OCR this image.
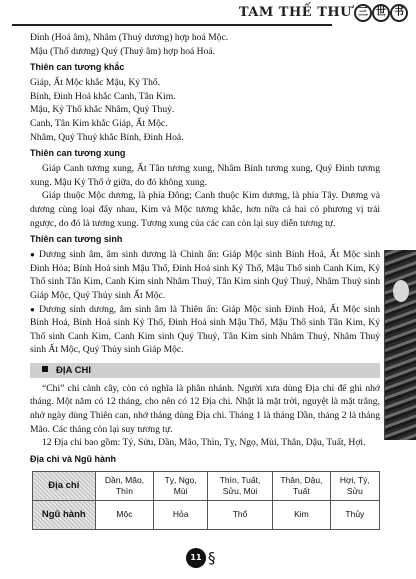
TAM THẾ THƯ 三 世 书

Đinh (Hoả âm), Nhâm (Thuỷ dương) hợp hoá Mộc.

Mậu (Thổ dương) Quý (Thuỷ âm) hợp hoá Hoả.

Thiên can tương khắc

Giáp, Ất Mộc khắc Mậu, Kỷ Thổ.

Bính, Đinh Hoả khắc Canh, Tân Kim.

Mậu, Kỷ Thổ khắc Nhâm, Quý Thuỷ.

Canh, Tân Kim khắc Giáp, Ất Mộc.

Nhâm, Quý Thuỷ khắc Bính, Đinh Hoả.

Thiên can tương xung

Giáp Canh tương xung, Ất Tân tương xung, Nhâm Bính tương xung, Quý Đinh tương xung. Mậu Kỷ Thổ ở giữa, do đó không xung.

Giáp thuộc Mộc dương, là phía Đông; Canh thuộc Kim dương, là phía Tây. Dương và dương cùng loại đẩy nhau, Kim và Mộc tương khắc, hơn nữa cả hai có phương vị trái ngược, do đó là tương xung. Tương xung của các can còn lại suy diễn tương tự.

Thiên can tương sinh

● Dương sinh âm, âm sinh dương là Chính ấn: Giáp Mộc sinh Bính Hoả, Ất Mộc sinh Đinh Hỏa; Bính Hoả sinh Mậu Thổ, Đinh Hoả sinh Kỷ Thổ, Mậu Thổ sinh Canh Kim, Kỷ Thổ sinh Tân Kim, Canh Kim sinh Nhâm Thuỷ, Tân Kim sinh Quý Thuỷ, Nhâm Thuỷ sinh Giáp Mộc, Quý Thủy sinh Ất Mộc.

● Dương sinh dương, âm sinh âm là Thiên ấn: Giáp Mộc sinh Đinh Hoả, Ất Mộc sinh Bính Hoả, Bính Hoả sinh Kỷ Thổ, Đinh Hoả sinh Mậu Thổ, Mậu Thổ sinh Tân Kim, Kỷ Thổ sinh Canh Kim, Canh Kim sinh Quý Thuỷ, Tân Kim sinh Nhâm Thuỷ, Nhâm Thuỷ sinh Ất Mộc, Quý Thủy sinh Giáp Mộc.

ĐỊA CHI

“Chi” chỉ cành cây, còn có nghĩa là phân nhánh. Người xưa dùng Địa chi để ghi nhớ tháng. Một năm có 12 tháng, cho nên có 12 Địa chi. Nhật là mặt trời, nguyệt là mặt trăng, nhớ ngày dùng Thiên can, nhớ tháng dùng Địa chi. Tháng 1 là tháng Dần, tháng 2 là tháng Mão. Các tháng còn lại suy tương tự.

12 Địa chi bao gồm: Tý, Sửu, Dần, Mão, Thìn, Tỵ, Ngọ, Mùi, Thân, Dậu, Tuất, Hợi.

Địa chi và Ngũ hành
Địa chi	Dần, Mão, Thìn	Tỵ, Ngọ, Mùi	Thìn, Tuất, Sửu, Mùi	Thân, Dậu, Tuất	Hợi, Tý, Sửu
Ngũ hành	Mộc	Hỏa	Thổ	Kim	Thủy
11 §
